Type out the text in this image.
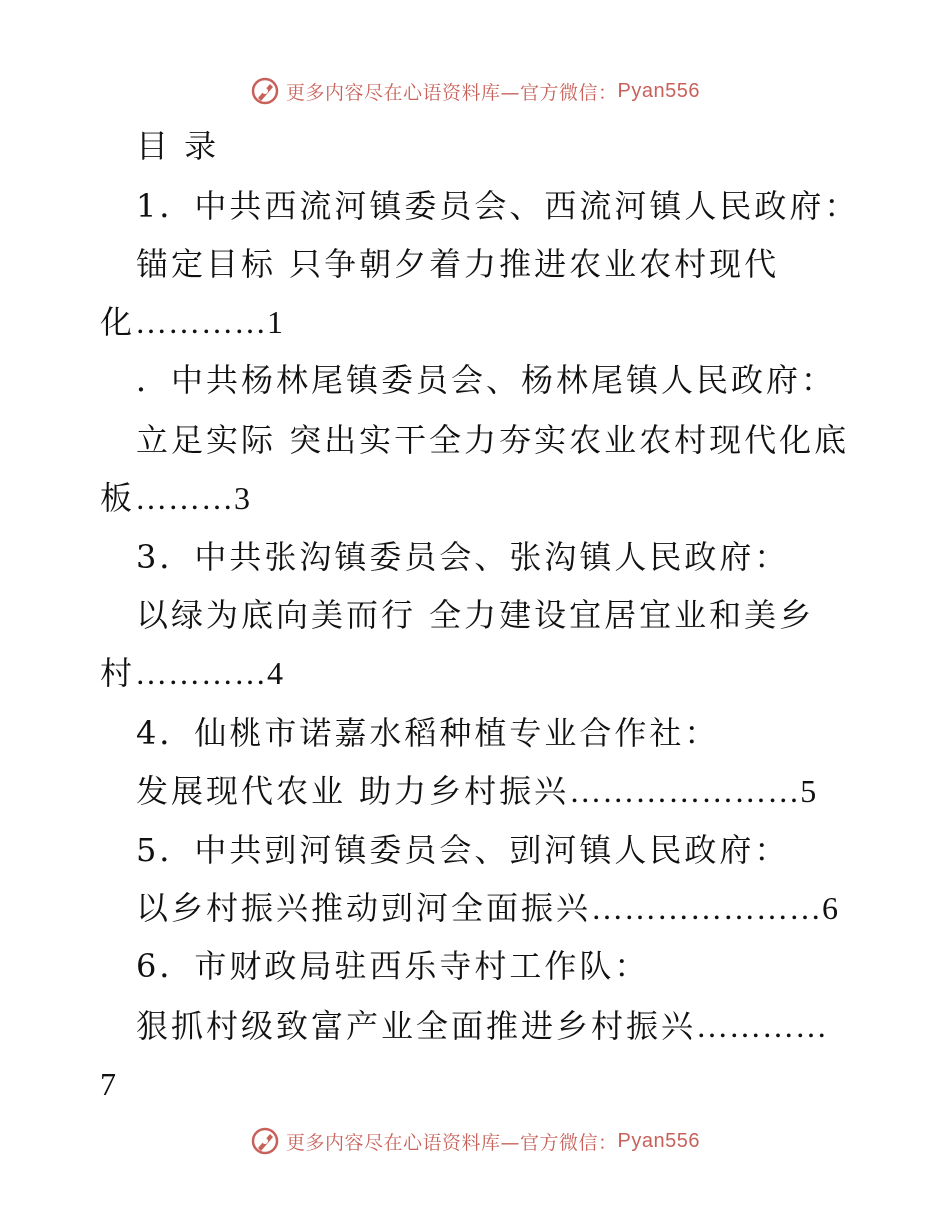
更多内容尽在心语资料库—官方微信： Pyan556
目 录
1．中共西流河镇委员会、西流河镇人民政府：
锚定目标 只争朝夕着力推进农业农村现代
化…………1
．中共杨林尾镇委员会、杨林尾镇人民政府：
立足实际 突出实干全力夯实农业农村现代化底
板………3
3．中共张沟镇委员会、张沟镇人民政府：
以绿为底向美而行 全力建设宜居宜业和美乡
村…………4
4．仙桃市诺嘉水稻种植专业合作社：
发展现代农业 助力乡村振兴…………………5
5．中共剅河镇委员会、剅河镇人民政府：
以乡村振兴推动剅河全面振兴…………………6
6．市财政局驻西乐寺村工作队：
狠抓村级致富产业全面推进乡村振兴…………
7
更多内容尽在心语资料库—官方微信： Pyan556
